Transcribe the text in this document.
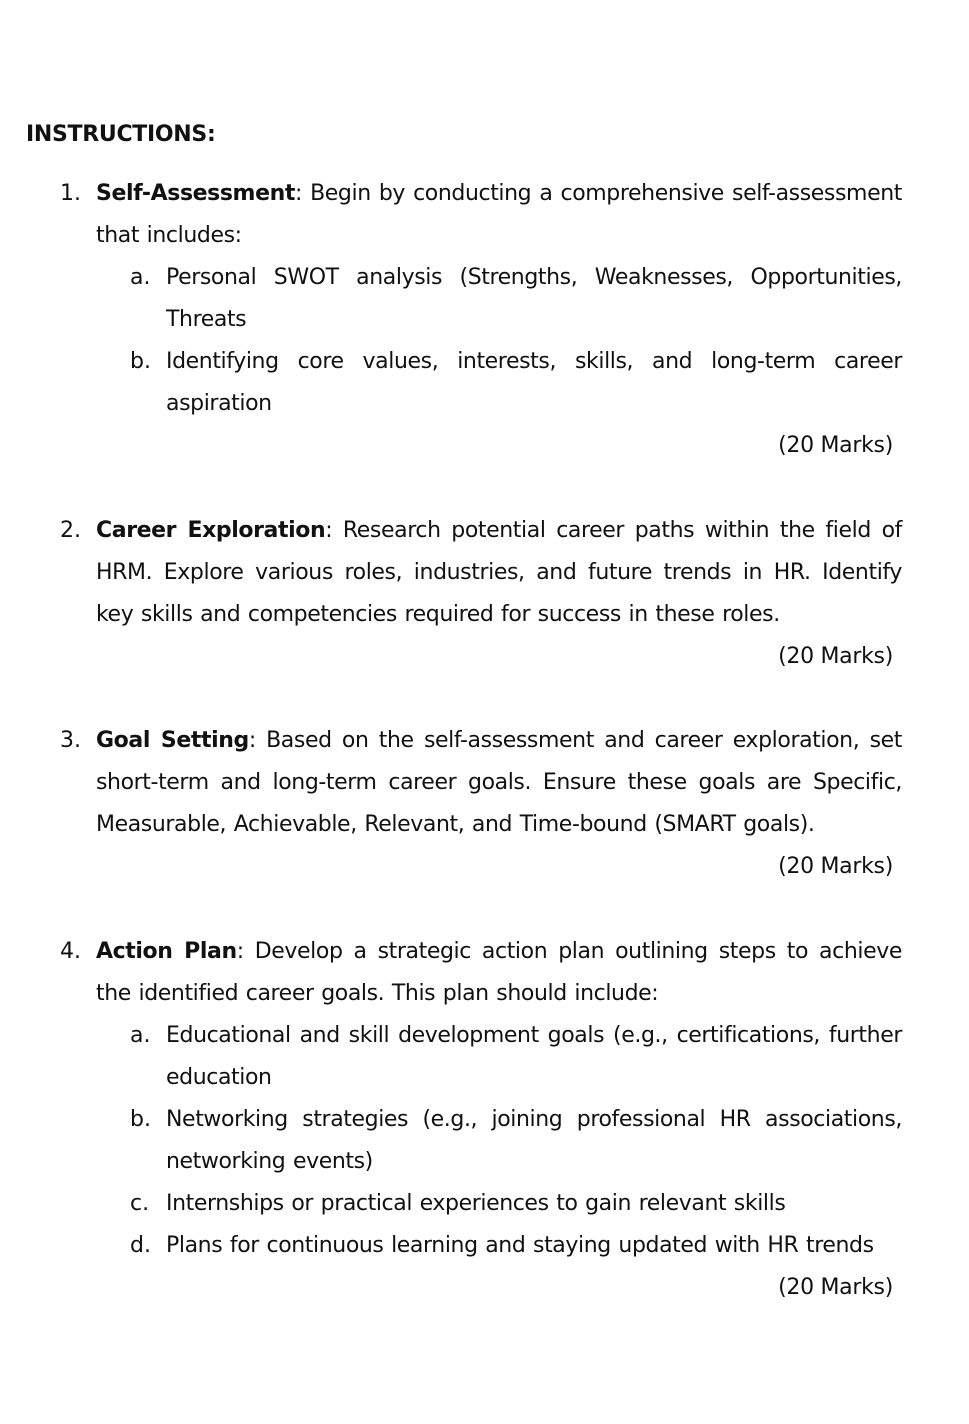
INSTRUCTIONS:
1. Self-Assessment: Begin by conducting a comprehensive self-assessment that includes:
a. Personal SWOT analysis (Strengths, Weaknesses, Opportunities, Threats
b. Identifying core values, interests, skills, and long-term career aspiration
(20 Marks)
2. Career Exploration: Research potential career paths within the field of HRM. Explore various roles, industries, and future trends in HR. Identify key skills and competencies required for success in these roles.
(20 Marks)
3. Goal Setting: Based on the self-assessment and career exploration, set short-term and long-term career goals. Ensure these goals are Specific, Measurable, Achievable, Relevant, and Time-bound (SMART goals).
(20 Marks)
4. Action Plan: Develop a strategic action plan outlining steps to achieve the identified career goals. This plan should include:
a. Educational and skill development goals (e.g., certifications, further education
b. Networking strategies (e.g., joining professional HR associations, networking events)
c. Internships or practical experiences to gain relevant skills
d. Plans for continuous learning and staying updated with HR trends
(20 Marks)
